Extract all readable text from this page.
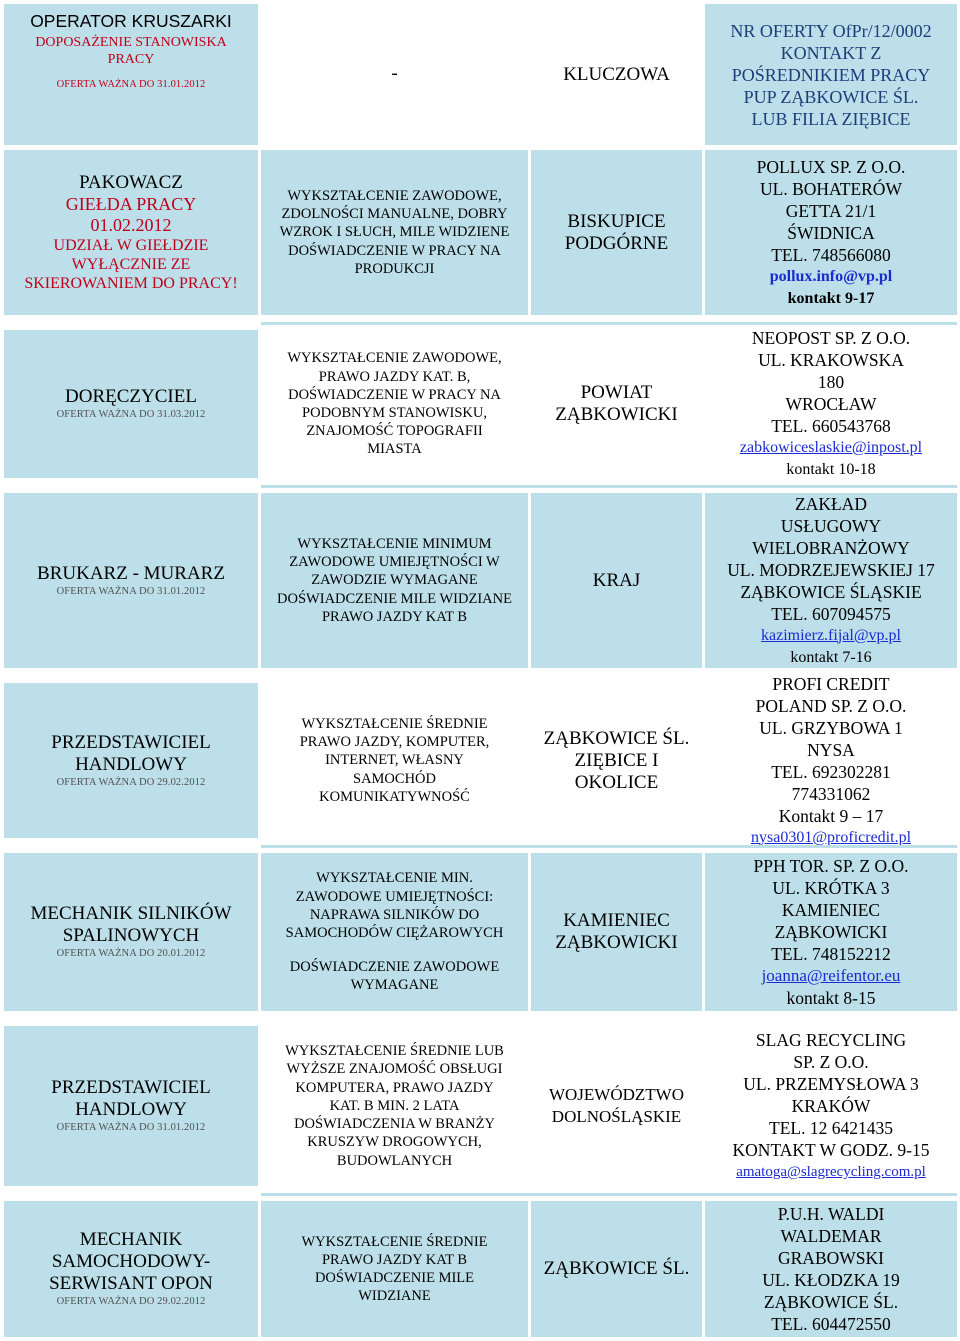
OPERATOR KRUSZARKI
DOPOSAŻENIE STANOWISKA PRACY
OFERTA WAŻNA DO 31.01.2012
-	KLUCZOWA
NR OFERTY OfPr/12/0002
KONTAKT Z
POŚREDNIKIEM PRACY
PUP ZĄBKOWICE ŚL.
LUB FILIA ZIĘBICE
PAKOWACZ
GIEŁDA PRACY
01.02.2012
UDZIAŁ W GIEŁDZIE WYŁĄCZNIE ZE SKIEROWANIEM DO PRACY!
WYKSZTAŁCENIE ZAWODOWE, ZDOLNOŚCI MANUALNE, DOBRY WZROK I SŁUCH, MILE WIDZIENE DOŚWIADCZENIE W PRACY NA PRODUKCJI
BISKUPICE PODGÓRNE
POLLUX SP. Z O.O.
UL. BOHATERÓW GETTA 21/1
ŚWIDNICA
TEL. 748566080
pollux.info@vp.pl
kontakt 9-17
DORĘCZYCIEL
OFERTA WAŻNA DO 31.03.2012
WYKSZTAŁCENIE ZAWODOWE, PRAWO JAZDY KAT. B, DOŚWIADCZENIE W PRACY NA PODOBNYM STANOWISKU, ZNAJOMOŚĆ TOPOGRAFII MIASTA
POWIAT ZĄBKOWICKI
NEOPOST SP. Z O.O.
UL. KRAKOWSKA 180
WROCŁAW
TEL. 660543768
zabkowiceslaskie@inpost.pl
kontakt 10-18
BRUKARZ - MURARZ
OFERTA WAŻNA DO 31.01.2012
WYKSZTAŁCENIE MINIMUM ZAWODOWE UMIEJĘTNOŚCI W ZAWODZIE WYMAGANE DOŚWIADCZENIE MILE WIDZIANE PRAWO JAZDY KAT B
KRAJ
ZAKŁAD USŁUGOWY WIELOBRANŻOWY
UL. MODRZEJEWSKIEJ 17
ZĄBKOWICE ŚLĄSKIE
TEL. 607094575
kazimierz.fijal@vp.pl
kontakt 7-16
PRZEDSTAWICIEL HANDLOWY
OFERTA WAŻNA DO 29.02.2012
WYKSZTAŁCENIE ŚREDNIE PRAWO JAZDY, KOMPUTER, INTERNET, WŁASNY SAMOCHÓD KOMUNIKATYWNOŚĆ
ZĄBKOWICE ŚL. ZIĘBICE I OKOLICE
PROFI CREDIT POLAND SP. Z O.O.
UL. GRZYBOWA 1 NYSA
TEL. 692302281
774331062
Kontakt 9 – 17
nysa0301@proficredit.pl
MECHANIK SILNIKÓW SPALINOWYCH
OFERTA WAŻNA DO 20.01.2012
WYKSZTAŁCENIE MIN. ZAWODOWE UMIEJĘTNOŚCI: NAPRAWA SILNIKÓW DO SAMOCHODÓW CIĘŻAROWYCH
DOŚWIADCZENIE ZAWODOWE WYMAGANE
KAMIENIEC ZĄBKOWICKI
PPH TOR. SP. Z O.O.
UL. KRÓTKA 3
KAMIENIEC ZĄBKOWICKI
TEL. 748152212
joanna@reifentor.eu
kontakt 8-15
PRZEDSTAWICIEL HANDLOWY
OFERTA WAŻNA DO 31.01.2012
WYKSZTAŁCENIE ŚREDNIE LUB WYŻSZE ZNAJOMOŚĆ OBSŁUGI KOMPUTERA, PRAWO JAZDY KAT. B MIN. 2 LATA DOŚWIADCZENIA W BRANŻY KRUSZYW DROGOWYCH, BUDOWLANYCH
WOJEWÓDZTWO DOLNOŚLĄSKIE
SLAG RECYCLING SP. Z O.O.
UL. PRZEMYSŁOWA 3
KRAKÓW
TEL. 12 6421435
KONTAKT W GODZ. 9-15
amatoga@slagrecycling.com.pl
MECHANIK SAMOCHODOWY-SERWISANT OPON
OFERTA WAŻNA DO 29.02.2012
WYKSZTAŁCENIE ŚREDNIE PRAWO JAZDY KAT B DOŚWIADCZENIE MILE WIDZIANE
ZĄBKOWICE ŚL.
P.U.H. WALDI WALDEMAR GRABOWSKI
UL. KŁODZKA 19
ZĄBKOWICE ŚL.
TEL. 604472550
